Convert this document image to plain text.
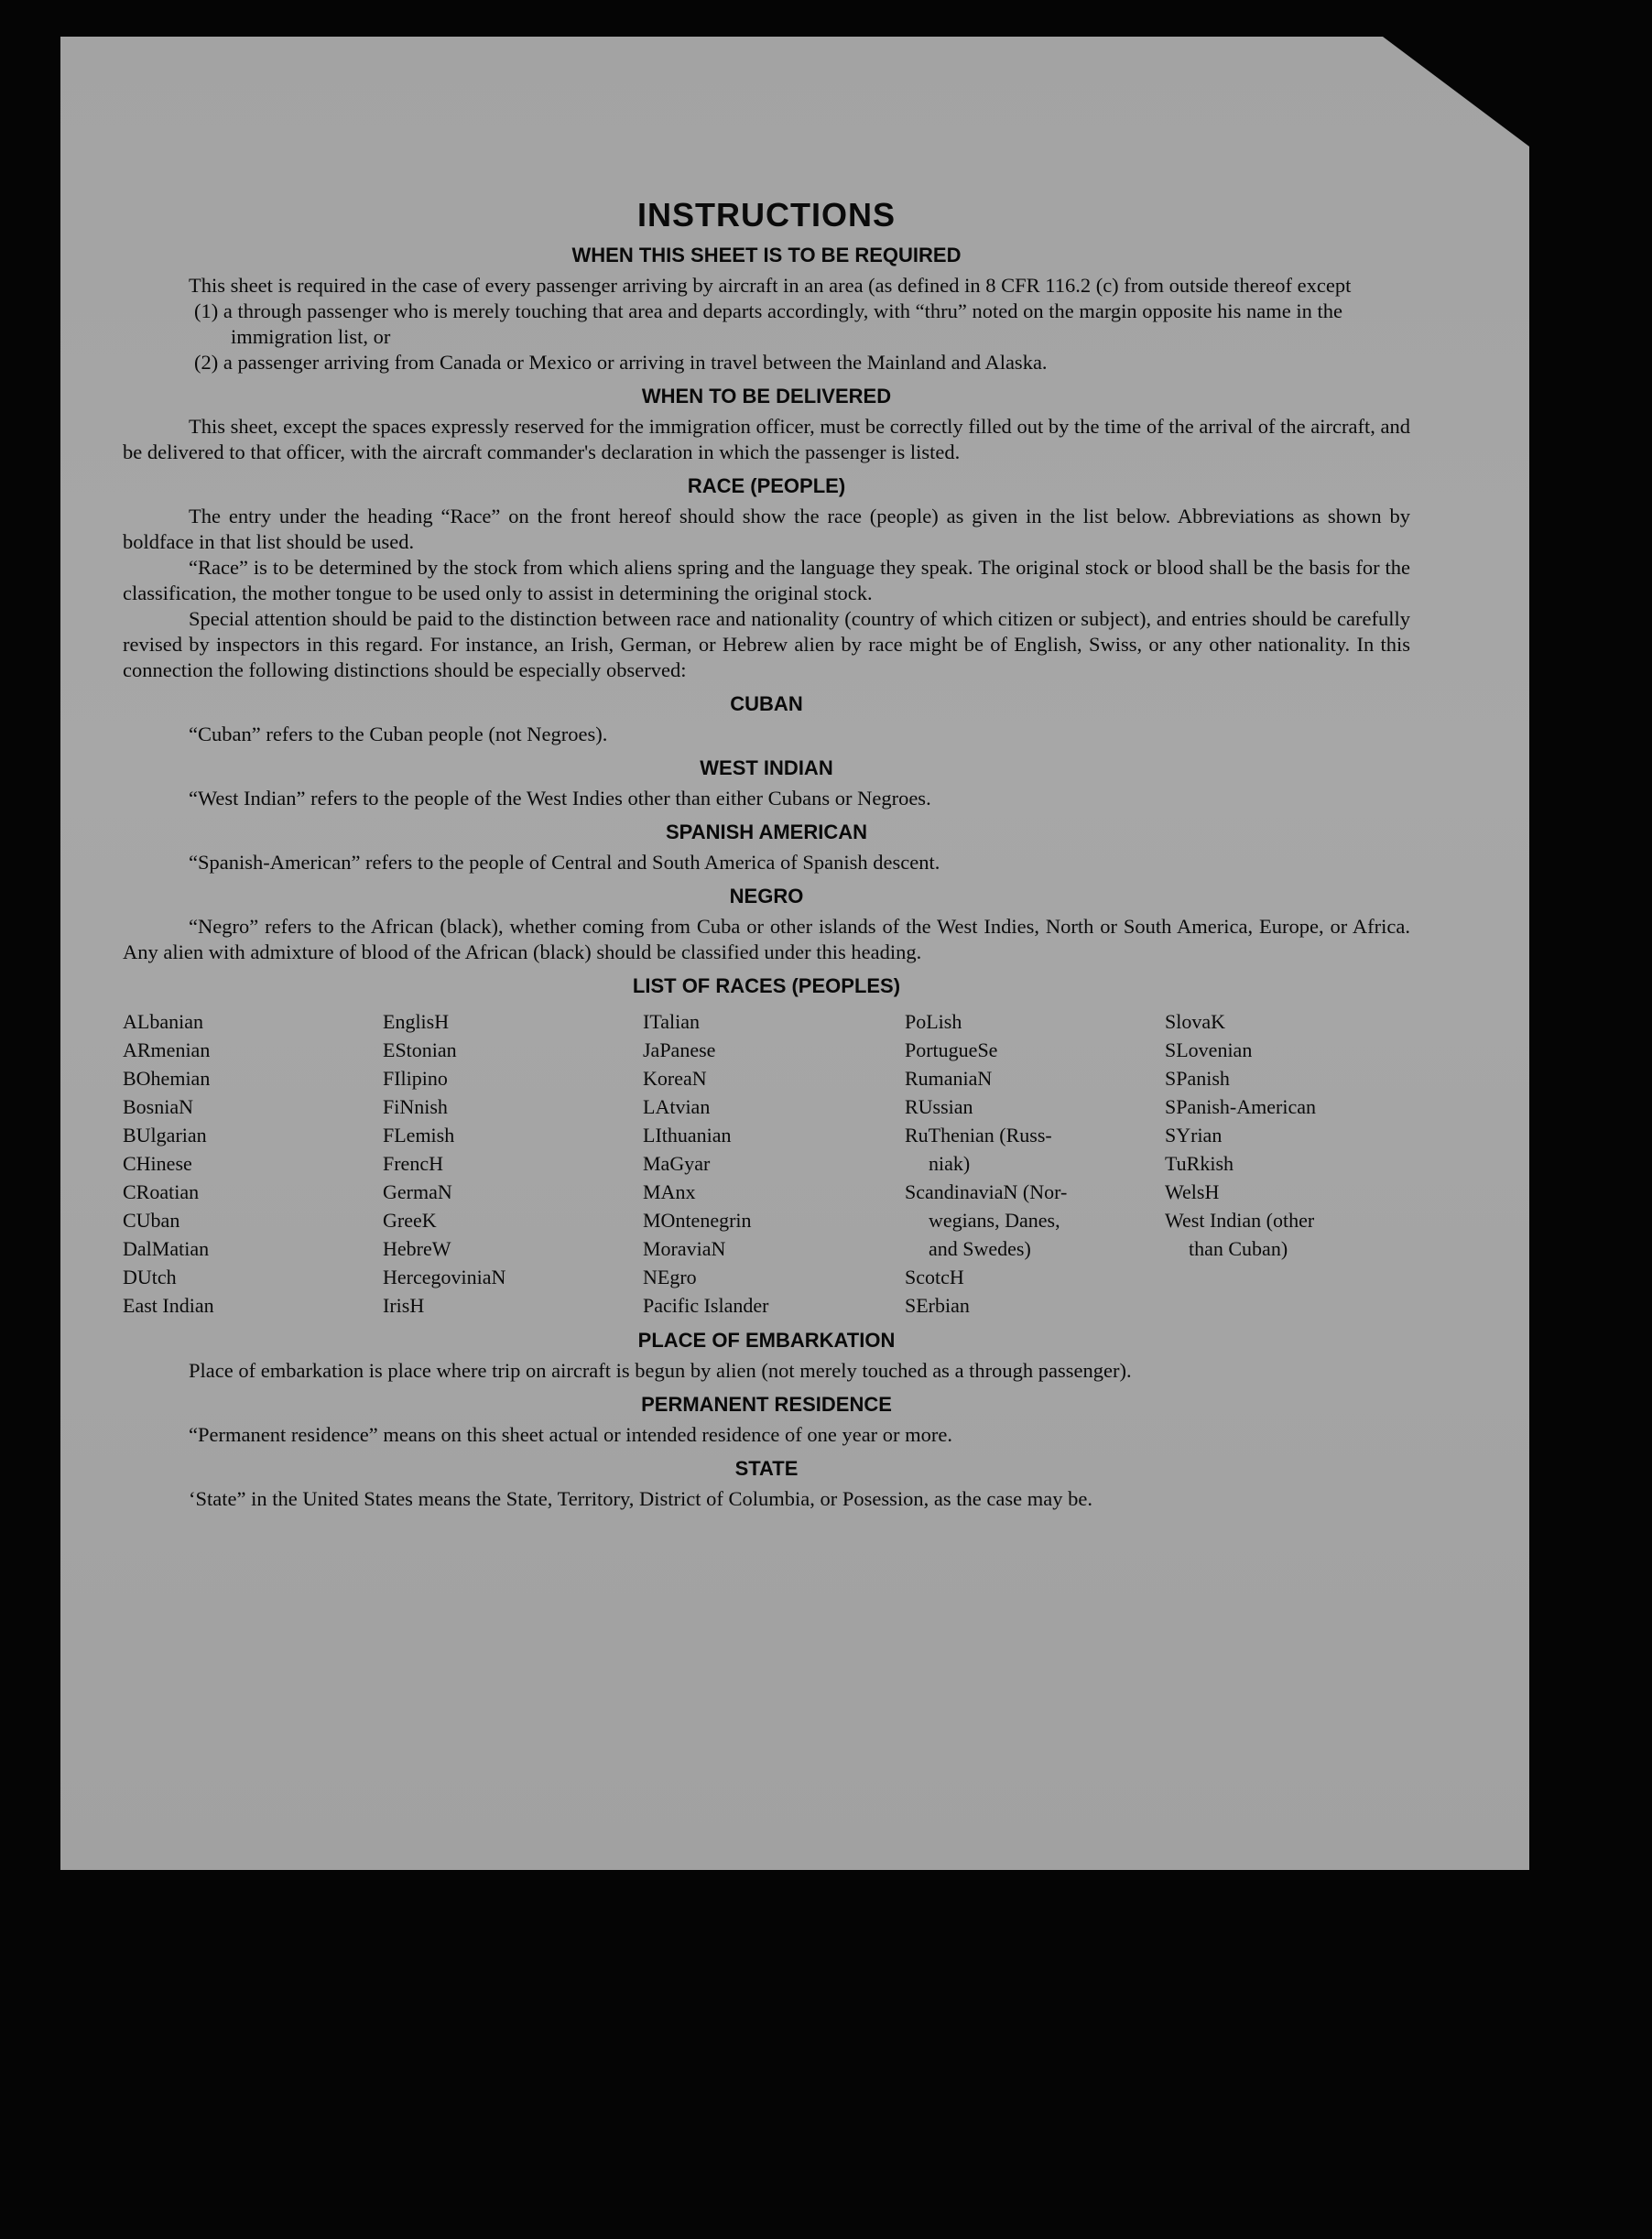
INSTRUCTIONS
WHEN THIS SHEET IS TO BE REQUIRED

This sheet is required in the case of every passenger arriving by aircraft in an area (as defined in 8 CFR 116.2 (c) from outside thereof except

(1) a through passenger who is merely touching that area and departs accordingly, with “thru” noted on the margin opposite his name in the immigration list, or
(2) a passenger arriving from Canada or Mexico or arriving in travel between the Mainland and Alaska.
WHEN TO BE DELIVERED

This sheet, except the spaces expressly reserved for the immigration officer, must be correctly filled out by the time of the arrival of the aircraft, and be delivered to that officer, with the aircraft commander's declaration in which the passenger is listed.

RACE (PEOPLE)

The entry under the heading “Race” on the front hereof should show the race (people) as given in the list below. Abbreviations as shown by boldface in that list should be used.

“Race” is to be determined by the stock from which aliens spring and the language they speak. The original stock or blood shall be the basis for the classification, the mother tongue to be used only to assist in determining the original stock.

Special attention should be paid to the distinction between race and nationality (country of which citizen or subject), and entries should be carefully revised by inspectors in this regard. For instance, an Irish, German, or Hebrew alien by race might be of English, Swiss, or any other nationality. In this connection the following distinctions should be especially observed:

CUBAN

“Cuban” refers to the Cuban people (not Negroes).

WEST INDIAN

“West Indian” refers to the people of the West Indies other than either Cubans or Negroes.

SPANISH AMERICAN

“Spanish-American” refers to the people of Central and South America of Spanish descent.

NEGRO

“Negro” refers to the African (black), whether coming from Cuba or other islands of the West Indies, North or South America, Europe, or Africa. Any alien with admixture of blood of the African (black) should be classified under this heading.

LIST OF RACES (PEOPLES)
ALbanian
ARmenian
BOhemian
BosniaN
BUlgarian
CHinese
CRoatian
CUban
DalMatian
DUtch
East Indian
EnglisH
EStonian
FIlipino
FiNnish
FLemish
FrencH
GermaN
GreeK
HebreW
HercegoviniaN
IrisH
ITalian
JaPanese
KoreaN
LAtvian
LIthuanian
MaGyar
MAnx
MOntenegrin
MoraviaN
NEgro
Pacific Islander
PoLish
PortugueSe
RumaniaN
RUssian
RuThenian (Russ-
niak)
ScandinaviaN (Nor-
wegians, Danes,
and Swedes)
ScotcH
SErbian
SlovaK
SLovenian
SPanish
SPanish-American
SYrian
TuRkish
WelsH
West Indian (other
than Cuban)
PLACE OF EMBARKATION

Place of embarkation is place where trip on aircraft is begun by alien (not merely touched as a through passenger).

PERMANENT RESIDENCE

“Permanent residence” means on this sheet actual or intended residence of one year or more.

STATE

‘State” in the United States means the State, Territory, District of Columbia, or Posession, as the case may be.
